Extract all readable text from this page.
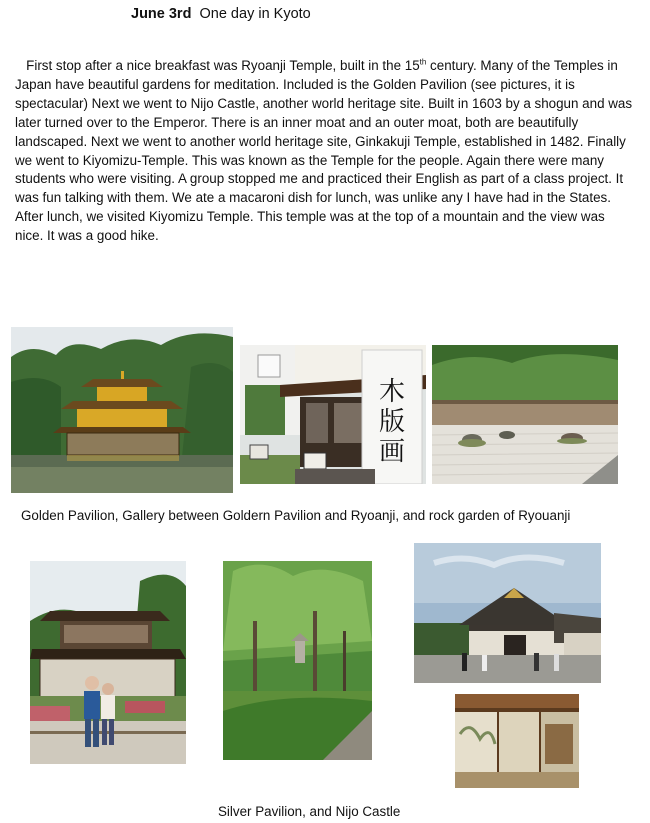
June 3rd One day in Kyoto
First stop after a nice breakfast was Ryoanji Temple, built in the 15th century. Many of the Temples in Japan have beautiful gardens for meditation. Included is the Golden Pavilion (see pictures, it is spectacular) Next we went to Nijo Castle, another world heritage site. Built in 1603 by a shogun and was later turned over to the Emperor. There is an inner moat and an outer moat, both are beautifully landscaped. Next we went to another world heritage site, Ginkakuji Temple, established in 1482. Finally we went to Kiyomizu-Temple. This was known as the Temple for the people. Again there were many students who were visiting. A group stopped me and practiced their English as part of a class project. It was fun talking with them. We ate a macaroni dish for lunch, was unlike any I have had in the States. After lunch, we visited Kiyomizu Temple. This temple was at the top of a mountain and the view was nice. It was a good hike.
木
版
画
Golden Pavilion, Gallery between Goldern Pavilion and Ryoanji, and rock garden of Ryouanji
Silver Pavilion, and Nijo Castle
